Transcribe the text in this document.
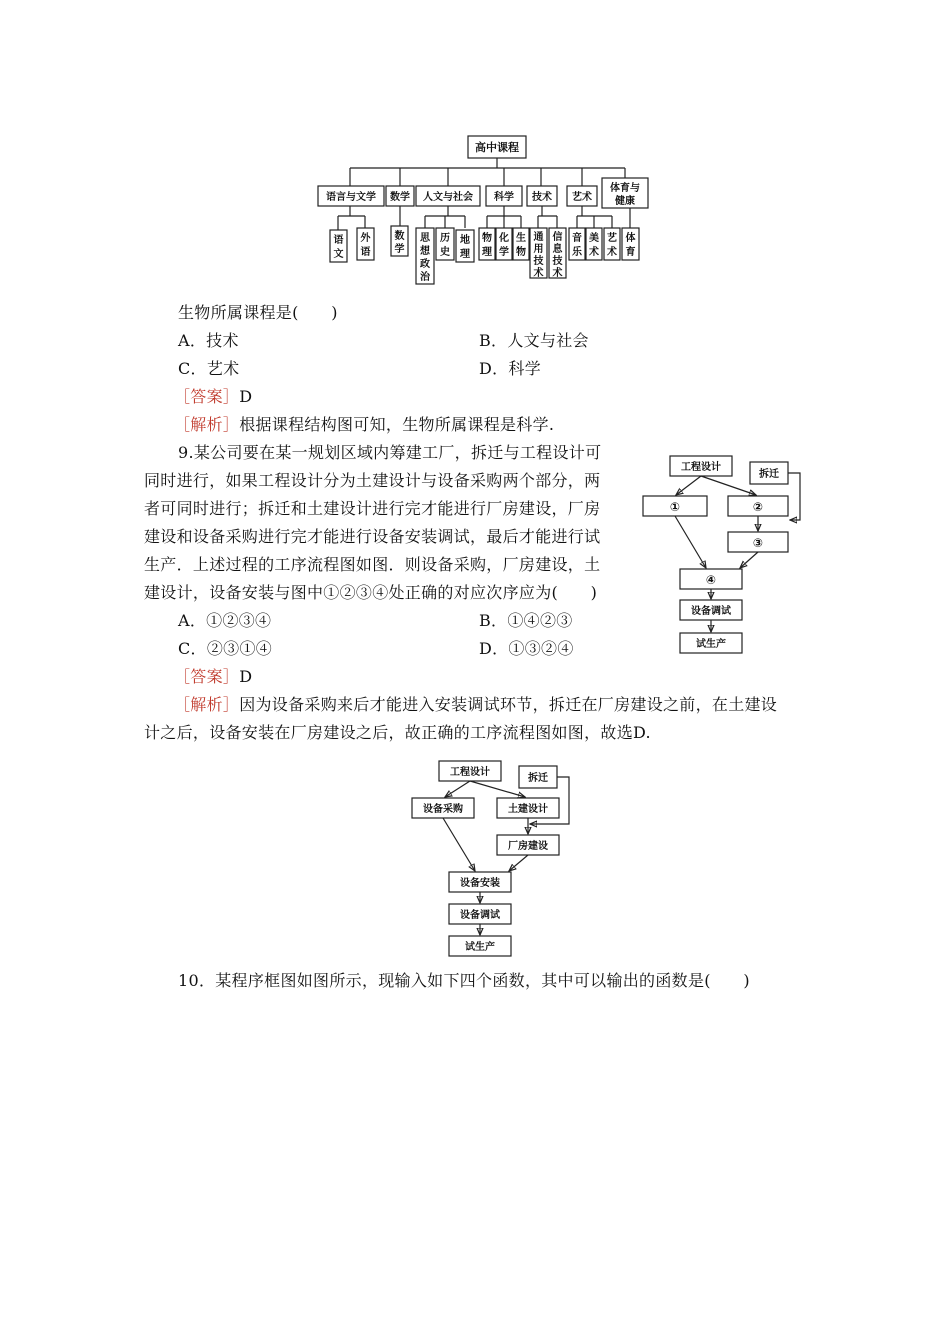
高中课程
语言与文学 数学 人文与社会 科学 技术 艺术
体育与
健康
语
文
外
语
数
学
思
想
政
治
历
史
地
理
物
理
化
学
生
物
通
用
技
术
信
息
技
术
音
乐
美
术
艺
术
体
育
生物所属课程是(　　)
A．技术	B．人文与社会
C．艺术	D．科学
［答案］D
［解析］根据课程结构图可知，生物所属课程是科学.
9.某公司要在某一规划区域内筹建工厂，拆迁与工程设计可
同时进行，如果工程设计分为土建设计与设备采购两个部分，两
者可同时进行；拆迁和土建设计进行完才能进行厂房建设，厂房
建设和设备采购进行完才能进行设备安装调试，最后才能进行试
生产．上述过程的工序流程图如图．则设备采购，厂房建设，土
建设计，设备安装与图中①②③④处正确的对应次序应为(　　)
A．①②③④	B．①④②③
C．②③①④	D．①③②④
［答案］D
［解析］因为设备采购来后才能进入安装调试环节，拆迁在厂房建设之前，在土建设
计之后，设备安装在厂房建设之后，故正确的工序流程图如图，故选D.
工程设计
拆迁
①	②
③
④
设备调试
试生产
工程设计
拆迁
设备采购	土建设计
厂房建设
设备安装
设备调试
试生产
10．某程序框图如图所示，现输入如下四个函数，其中可以输出的函数是(　　)
